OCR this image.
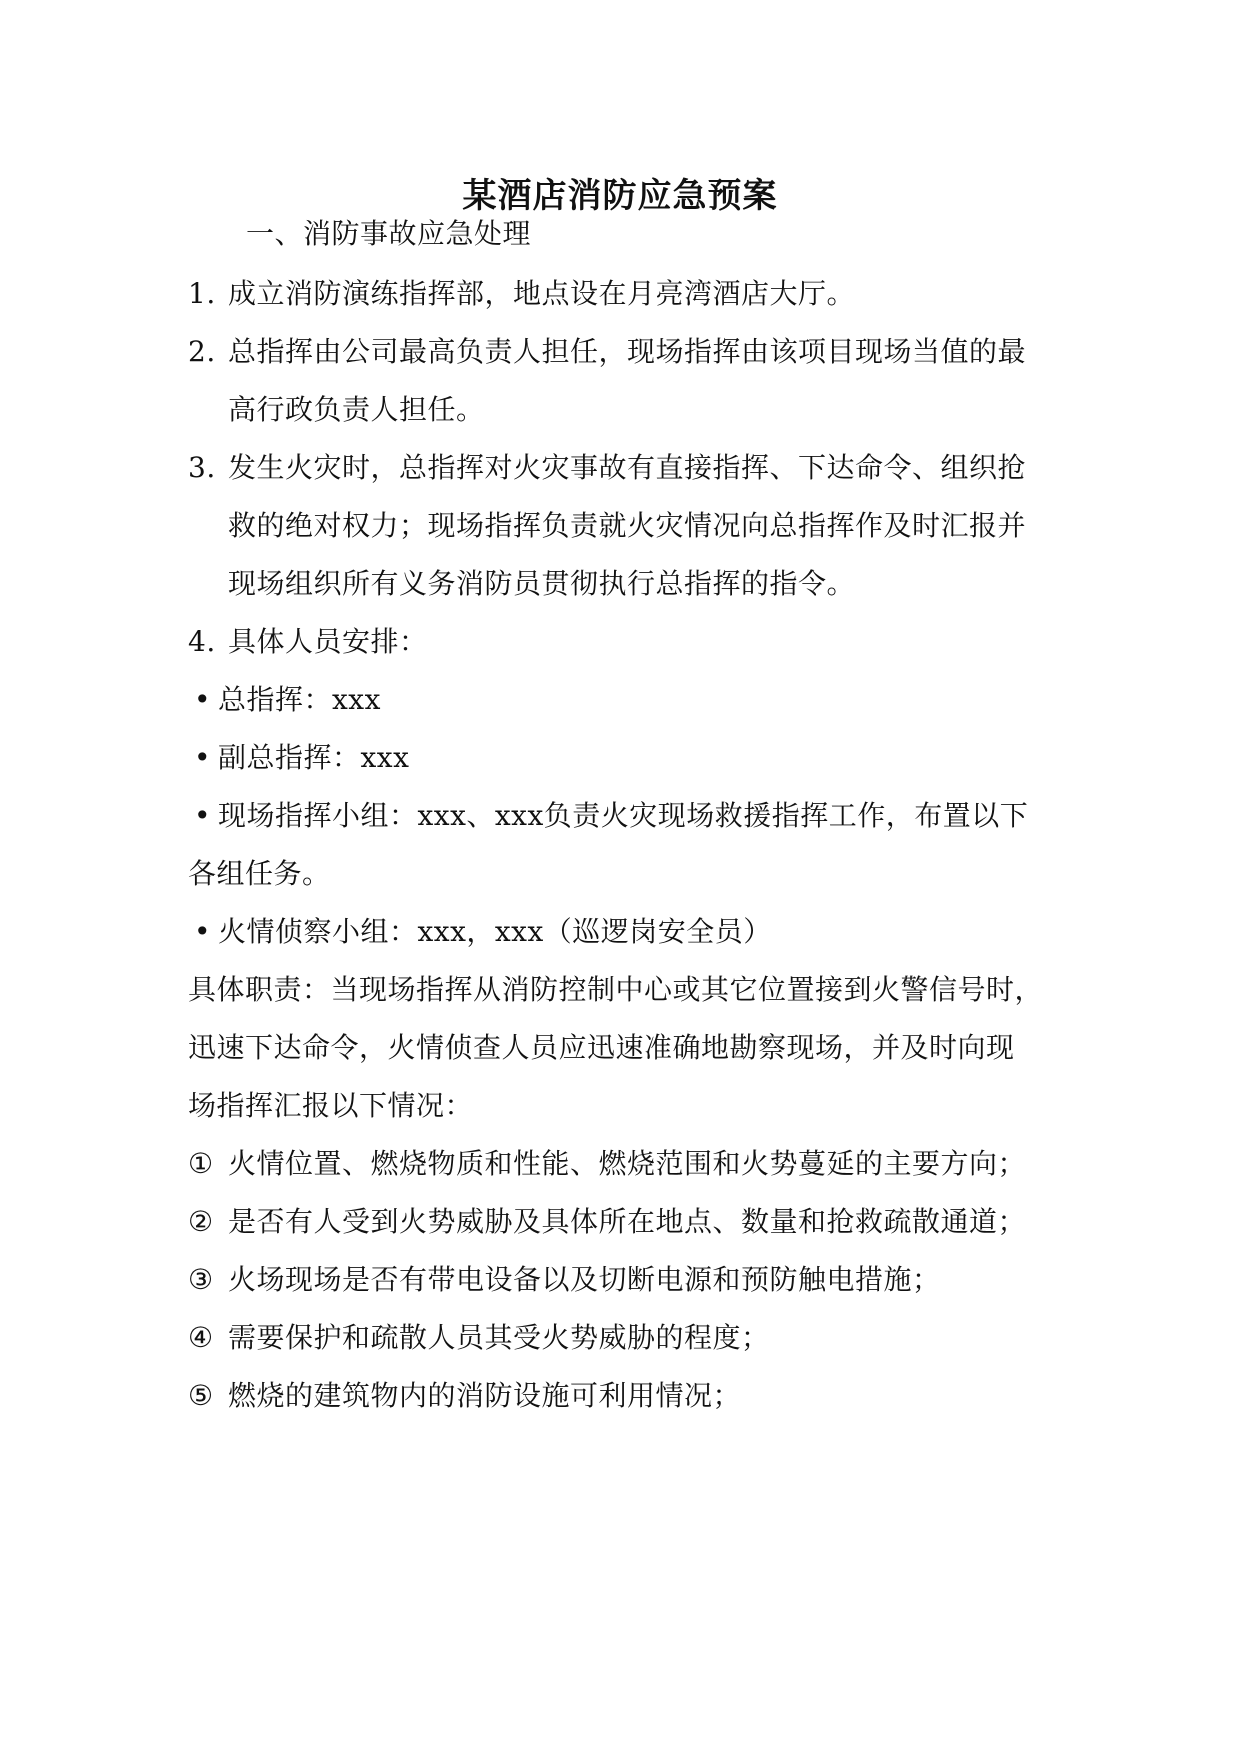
某酒店消防应急预案
一、消防事故应急处理
1. 成立消防演练指挥部，地点设在月亮湾酒店大厅。
2. 总指挥由公司最高负责人担任，现场指挥由该项目现场当值的最
高行政负责人担任。
3. 发生火灾时，总指挥对火灾事故有直接指挥、下达命令、组织抢
救的绝对权力；现场指挥负责就火灾情况向总指挥作及时汇报并
现场组织所有义务消防员贯彻执行总指挥的指令。
4. 具体人员安排：
• 总指挥：xxx
• 副总指挥：xxx
• 现场指挥小组：xxx、xxx负责火灾现场救援指挥工作，布置以下
各组任务。
• 火情侦察小组：xxx，xxx（巡逻岗安全员）
具体职责：当现场指挥从消防控制中心或其它位置接到火警信号时，
迅速下达命令，火情侦查人员应迅速准确地勘察现场，并及时向现
场指挥汇报以下情况：
① 火情位置、燃烧物质和性能、燃烧范围和火势蔓延的主要方向；
② 是否有人受到火势威胁及具体所在地点、数量和抢救疏散通道；
③ 火场现场是否有带电设备以及切断电源和预防触电措施；
④ 需要保护和疏散人员其受火势威胁的程度；
⑤ 燃烧的建筑物内的消防设施可利用情况；
